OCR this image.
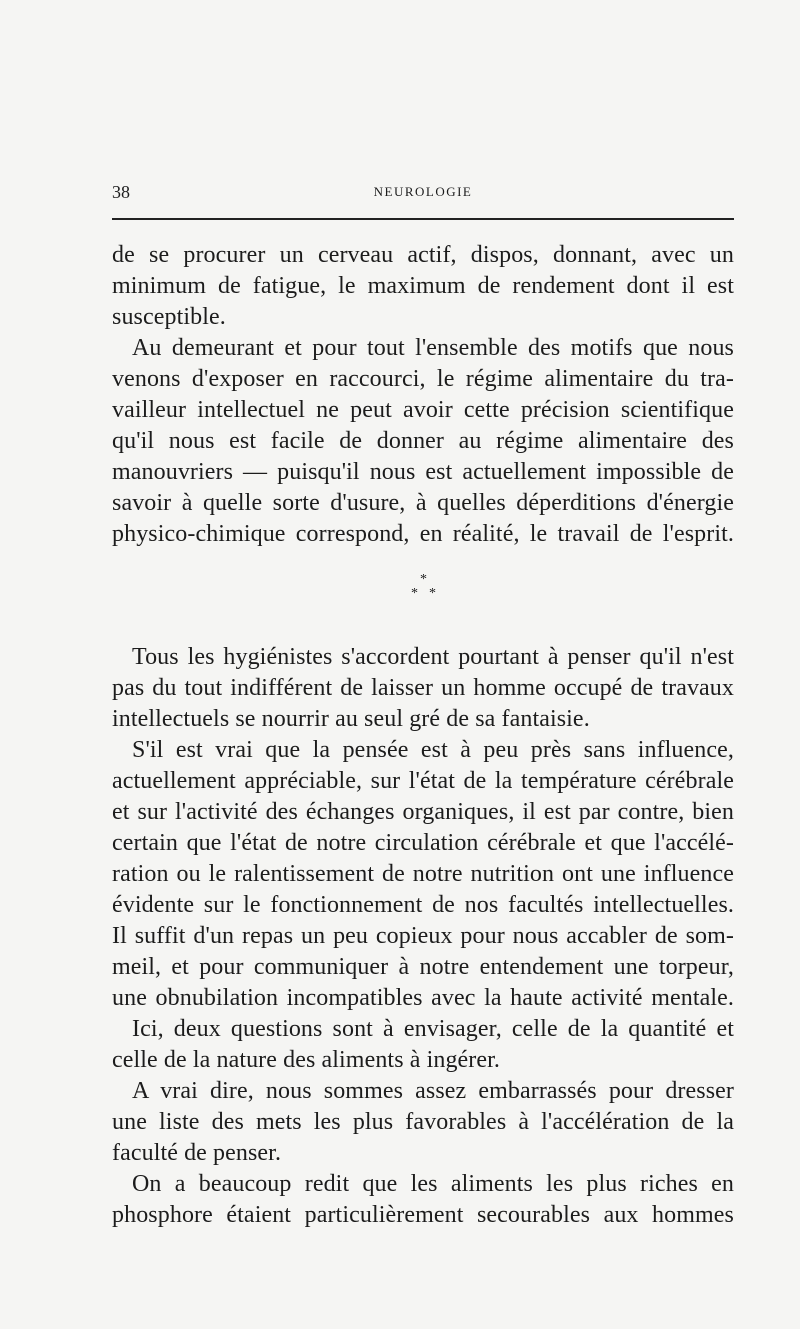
38	NEUROLOGIE
de se procurer un cerveau actif, dispos, donnant, avec un
minimum de fatigue, le maximum de rendement dont il est
susceptible.
Au demeurant et pour tout l'ensemble des motifs que nous
venons d'exposer en raccourci, le régime alimentaire du tra-
vailleur intellectuel ne peut avoir cette précision scientifique
qu'il nous est facile de donner au régime alimentaire des
manouvriers — puisqu'il nous est actuellement impossible de
savoir à quelle sorte d'usure, à quelles déperditions d'énergie
physico-chimique correspond, en réalité, le travail de l'esprit.
*
* *
Tous les hygiénistes s'accordent pourtant à penser qu'il n'est
pas du tout indifférent de laisser un homme occupé de travaux
intellectuels se nourrir au seul gré de sa fantaisie.
S'il est vrai que la pensée est à peu près sans influence,
actuellement appréciable, sur l'état de la température cérébrale
et sur l'activité des échanges organiques, il est par contre, bien
certain que l'état de notre circulation cérébrale et que l'accélé-
ration ou le ralentissement de notre nutrition ont une influence
évidente sur le fonctionnement de nos facultés intellectuelles.
Il suffit d'un repas un peu copieux pour nous accabler de som-
meil, et pour communiquer à notre entendement une torpeur,
une obnubilation incompatibles avec la haute activité mentale.
Ici, deux questions sont à envisager, celle de la quantité et
celle de la nature des aliments à ingérer.
A vrai dire, nous sommes assez embarrassés pour dresser
une liste des mets les plus favorables à l'accélération de la
faculté de penser.
On a beaucoup redit que les aliments les plus riches en
phosphore étaient particulièrement secourables aux hommes
